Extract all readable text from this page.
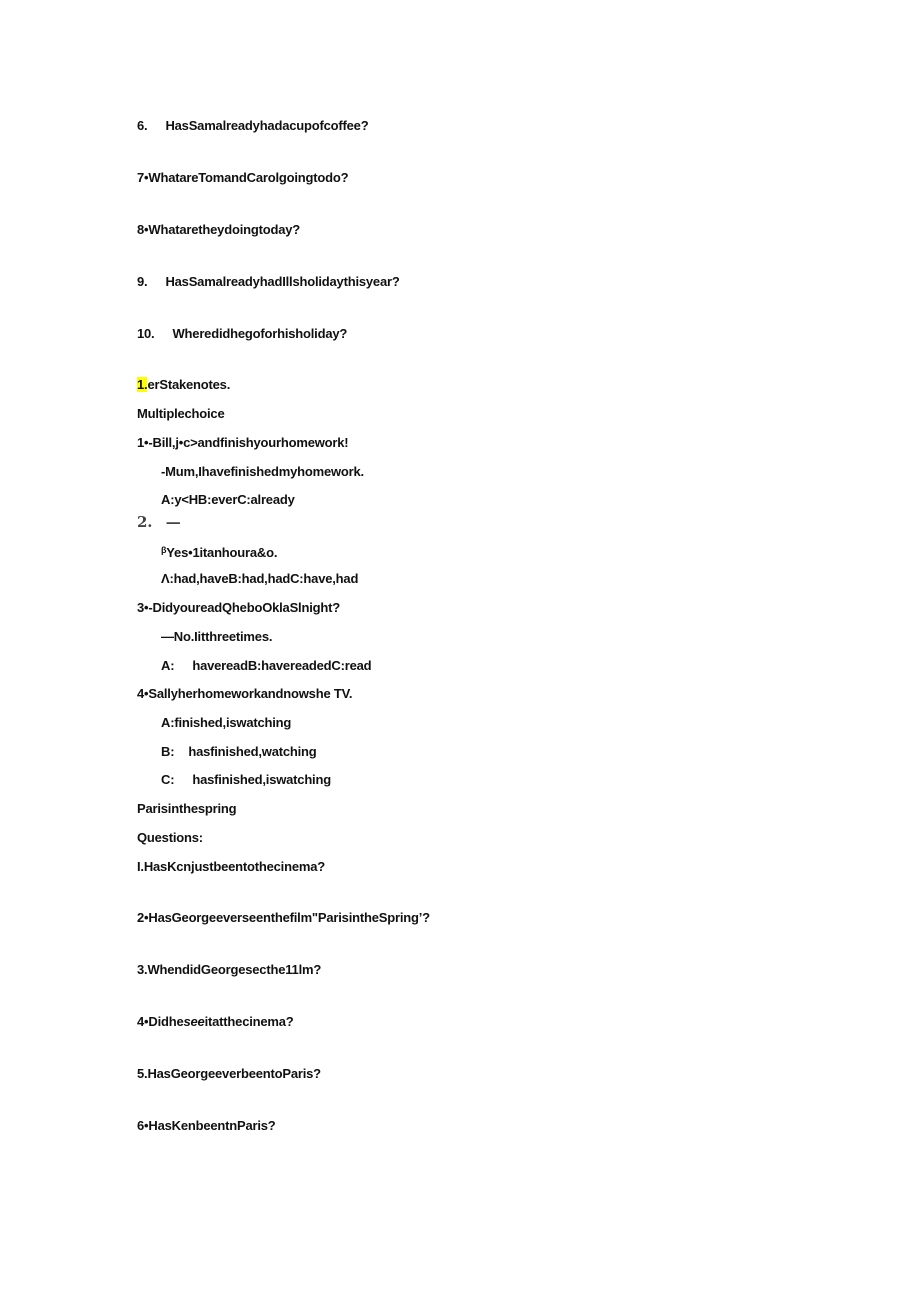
6. HasSamalreadyhadacupofcoffee?
7•WhatareTomandCarolgoingtodo?
8•Whataretheydoingtoday?
9. HasSamalreadyhadIllsholidaythisyear?
10. Wheredidhegoforhisholiday?
1.erStakenotes.
Multiplechoice
1•-Bill,j•c>andfinishyourhomework!
-Mum,Ihavefinishedmyhomework.
A:y<HB:everC:already
2. —
$^\beta$Yes•1itanhoura&o.
Λ:had,haveB:had,hadC:have,had
3•-DidyoureadQheboOklaSlnight?
—No.Iitthreetimes.
A: havereadB:havereadedC:read
4•Sallyherhomeworkandnowshe TV.
A:finished,iswatching
B: hasfinished,watching
C: hasfinished,iswatching
Parisinthespring
Questions:
I.HasKcnjustbeentothecinema?
2•HasGeorgeeverseenthefilm"ParisintheSpring’?
3.WhendidGeorgesecthe11lm?
4•Didheseeitatthecinema?
5.HasGeorgeeverbeentoParis?
6•HasKenbeentnParis?
